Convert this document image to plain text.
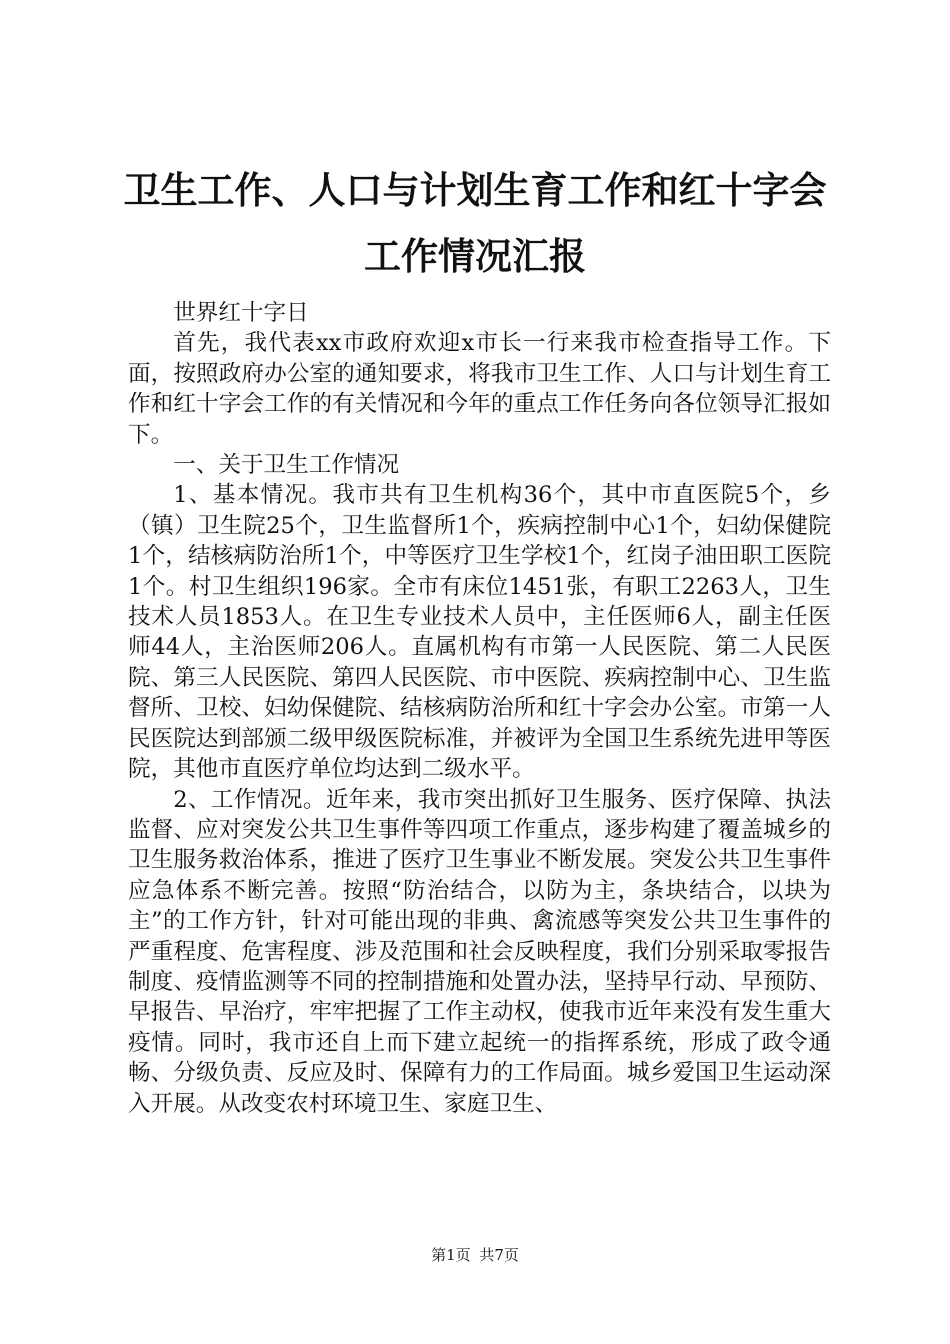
卫生工作、人口与计划生育工作和红十字会工作情况汇报

世界红十字日

首先，我代表xx市政府欢迎x市长一行来我市检查指导工作。下面，按照政府办公室的通知要求，将我市卫生工作、人口与计划生育工作和红十字会工作的有关情况和今年的重点工作任务向各位领导汇报如下。

一、关于卫生工作情况

1、基本情况。我市共有卫生机构36个，其中市直医院5个，乡（镇）卫生院25个，卫生监督所1个，疾病控制中心1个，妇幼保健院1个，结核病防治所1个，中等医疗卫生学校1个，红岗子油田职工医院1个。村卫生组织196家。全市有床位1451张，有职工2263人，卫生技术人员1853人。在卫生专业技术人员中，主任医师6人，副主任医师44人，主治医师206人。直属机构有市第一人民医院、第二人民医院、第三人民医院、第四人民医院、市中医院、疾病控制中心、卫生监督所、卫校、妇幼保健院、结核病防治所和红十字会办公室。市第一人民医院达到部颁二级甲级医院标准，并被评为全国卫生系统先进甲等医院，其他市直医疗单位均达到二级水平。

2、工作情况。近年来，我市突出抓好卫生服务、医疗保障、执法监督、应对突发公共卫生事件等四项工作重点，逐步构建了覆盖城乡的卫生服务救治体系，推进了医疗卫生事业不断发展。突发公共卫生事件应急体系不断完善。按照“防治结合，以防为主，条块结合，以块为主”的工作方针，针对可能出现的非典、禽流感等突发公共卫生事件的严重程度、危害程度、涉及范围和社会反映程度，我们分别采取零报告制度、疫情监测等不同的控制措施和处置办法，坚持早行动、早预防、早报告、早治疗，牢牢把握了工作主动权，使我市近年来没有发生重大疫情。同时，我市还自上而下建立起统一的指挥系统，形成了政令通畅、分级负责、反应及时、保障有力的工作局面。城乡爱国卫生运动深入开展。从改变农村环境卫生、家庭卫生、

第1页 共7页
